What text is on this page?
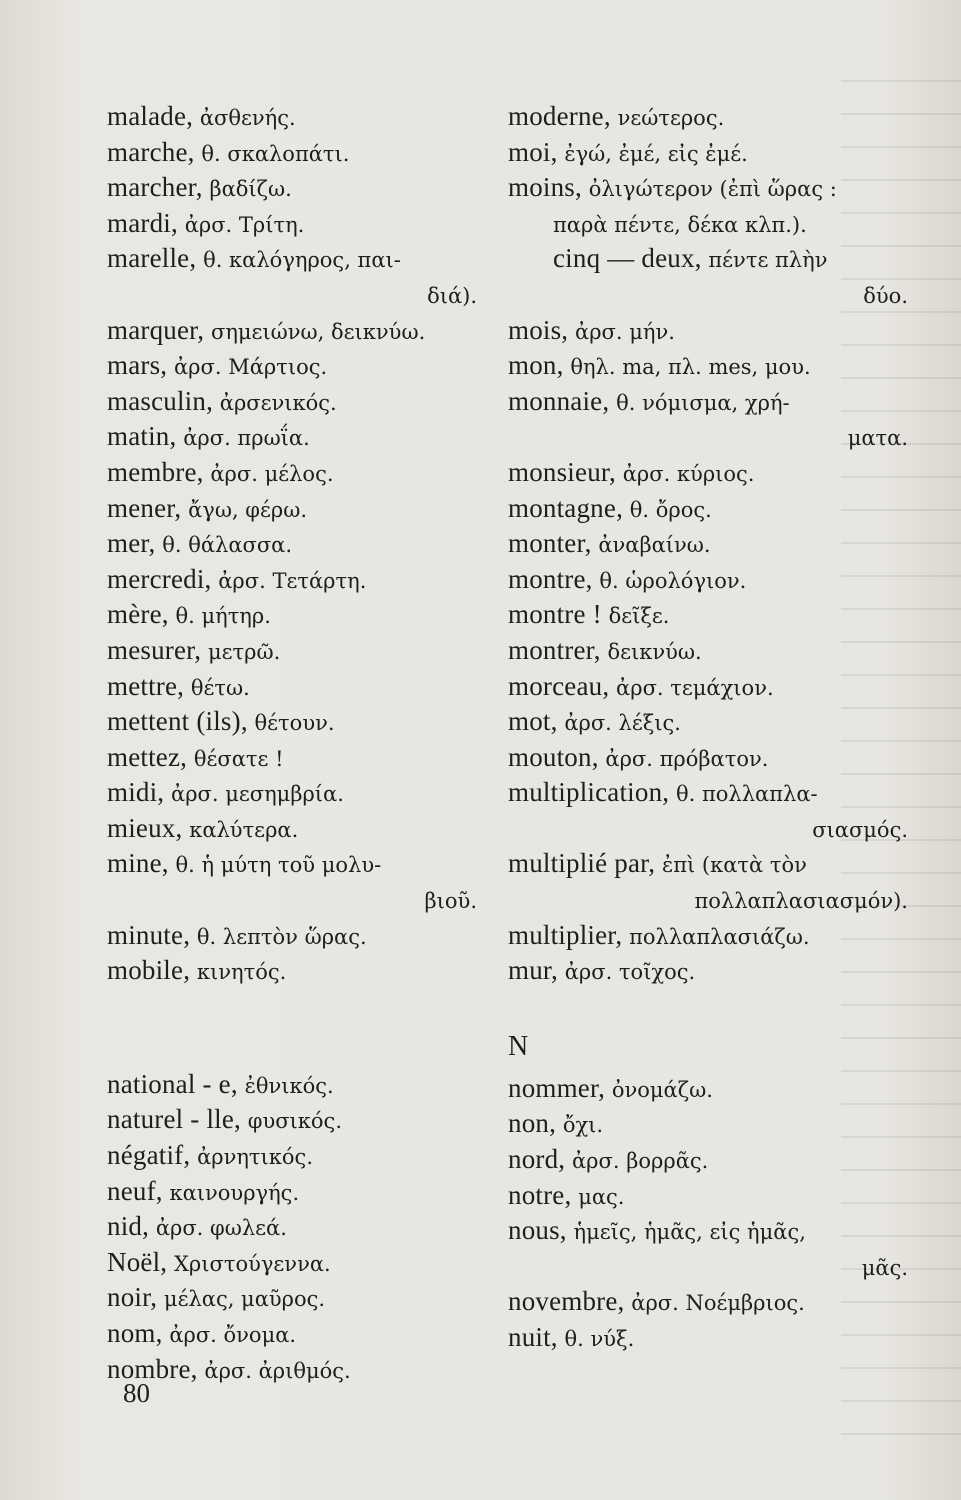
malade, ἀσθενής.
marche, θ. σκαλοπάτι.
marcher, βαδίζω.
mardi, ἀρσ. Τρίτη.
marelle, θ. καλόγηρος, παι-
διά).
marquer, σημειώνω, δεικνύω.
mars, ἀρσ. Μάρτιος.
masculin, ἀρσενικός.
matin, ἀρσ. πρωΐα.
membre, ἀρσ. μέλος.
mener, ἄγω, φέρω.
mer, θ. θάλασσα.
mercredi, ἀρσ. Τετάρτη.
mère, θ. μήτηρ.
mesurer, μετρῶ.
mettre, θέτω.
mettent (ils), θέτουν.
mettez, θέσατε !
midi, ἀρσ. μεσημβρία.
mieux, καλύτερα.
mine, θ. ἡ μύτη τοῦ μολυ-
βιοῦ.
minute, θ. λεπτὸν ὥρας.
mobile, κινητός.
national - e, ἐθνικός.
naturel - lle, φυσικός.
négatif, ἀρνητικός.
neuf, καινουργής.
nid, ἀρσ. φωλεά.
Noël, Χριστούγεννα.
noir, μέλας, μαῦρος.
nom, ἀρσ. ὄνομα.
nombre, ἀρσ. ἀριθμός.
moderne, νεώτερος.
moi, ἐγώ, ἐμέ, εἰς ἐμέ.
moins, ὀλιγώτερον (ἐπὶ ὥρας :
παρὰ πέντε, δέκα κλπ.).
cinq — deux, πέντε πλὴν
δύο.
mois, ἀρσ. μήν.
mon, θηλ. ma, πλ. mes, μου.
monnaie, θ. νόμισμα, χρή-
ματα.
monsieur, ἀρσ. κύριος.
montagne, θ. ὄρος.
monter, ἀναβαίνω.
montre, θ. ὡρολόγιον.
montre ! δεῖξε.
montrer, δεικνύω.
morceau, ἀρσ. τεμάχιον.
mot, ἀρσ. λέξις.
mouton, ἀρσ. πρόβατον.
multiplication, θ. πολλαπλα-
σιασμός.
multiplié par, ἐπὶ (κατὰ τὸν
πολλαπλασιασμόν).
multiplier, πολλαπλασιάζω.
mur, ἀρσ. τοῖχος.
N
nommer, ὀνομάζω.
non, ὄχι.
nord, ἀρσ. βορρᾶς.
notre, μας.
nous, ἡμεῖς, ἡμᾶς, εἰς ἡμᾶς,
μᾶς.
novembre, ἀρσ. Νοέμβριος.
nuit, θ. νύξ.
80
